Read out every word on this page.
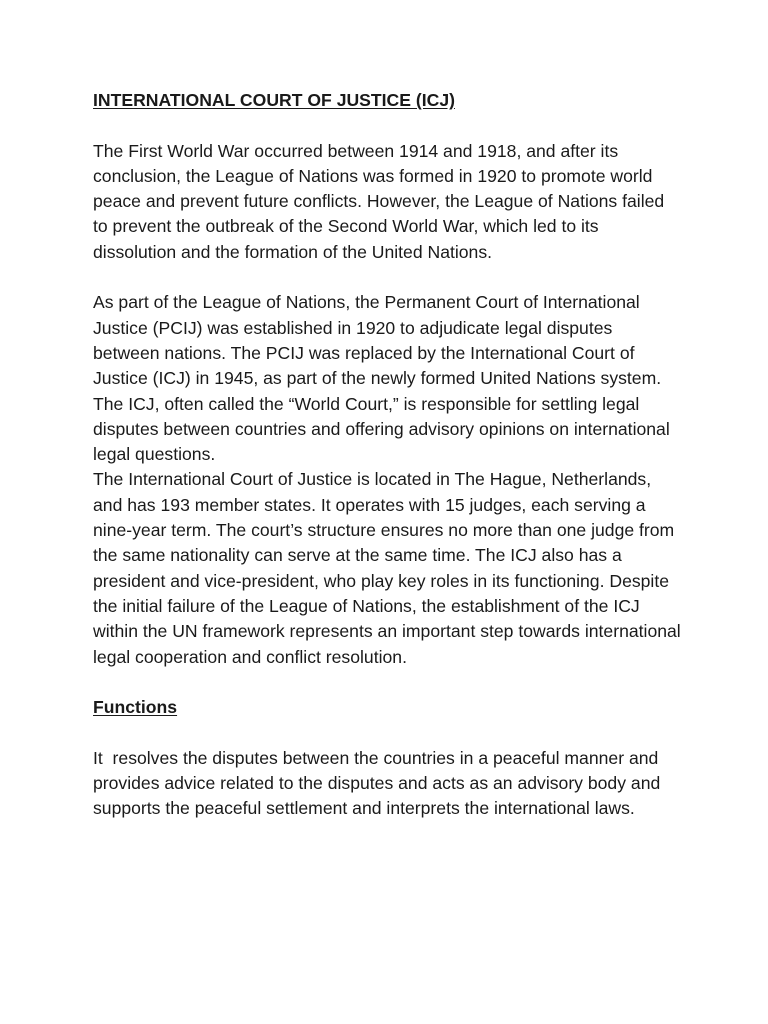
INTERNATIONAL COURT OF JUSTICE (ICJ)

The First World War occurred between 1914 and 1918, and after its conclusion, the League of Nations was formed in 1920 to promote world peace and prevent future conflicts. However, the League of Nations failed to prevent the outbreak of the Second World War, which led to its dissolution and the formation of the United Nations.

As part of the League of Nations, the Permanent Court of International Justice (PCIJ) was established in 1920 to adjudicate legal disputes between nations. The PCIJ was replaced by the International Court of Justice (ICJ) in 1945, as part of the newly formed United Nations system. The ICJ, often called the “World Court,” is responsible for settling legal disputes between countries and offering advisory opinions on international legal questions.

The International Court of Justice is located in The Hague, Netherlands, and has 193 member states. It operates with 15 judges, each serving a nine-year term. The court’s structure ensures no more than one judge from the same nationality can serve at the same time. The ICJ also has a president and vice-president, who play key roles in its functioning. Despite the initial failure of the League of Nations, the establishment of the ICJ within the UN framework represents an important step towards international legal cooperation and conflict resolution.

Functions

It  resolves the disputes between the countries in a peaceful manner and provides advice related to the disputes and acts as an advisory body and supports the peaceful settlement and interprets the international laws.
